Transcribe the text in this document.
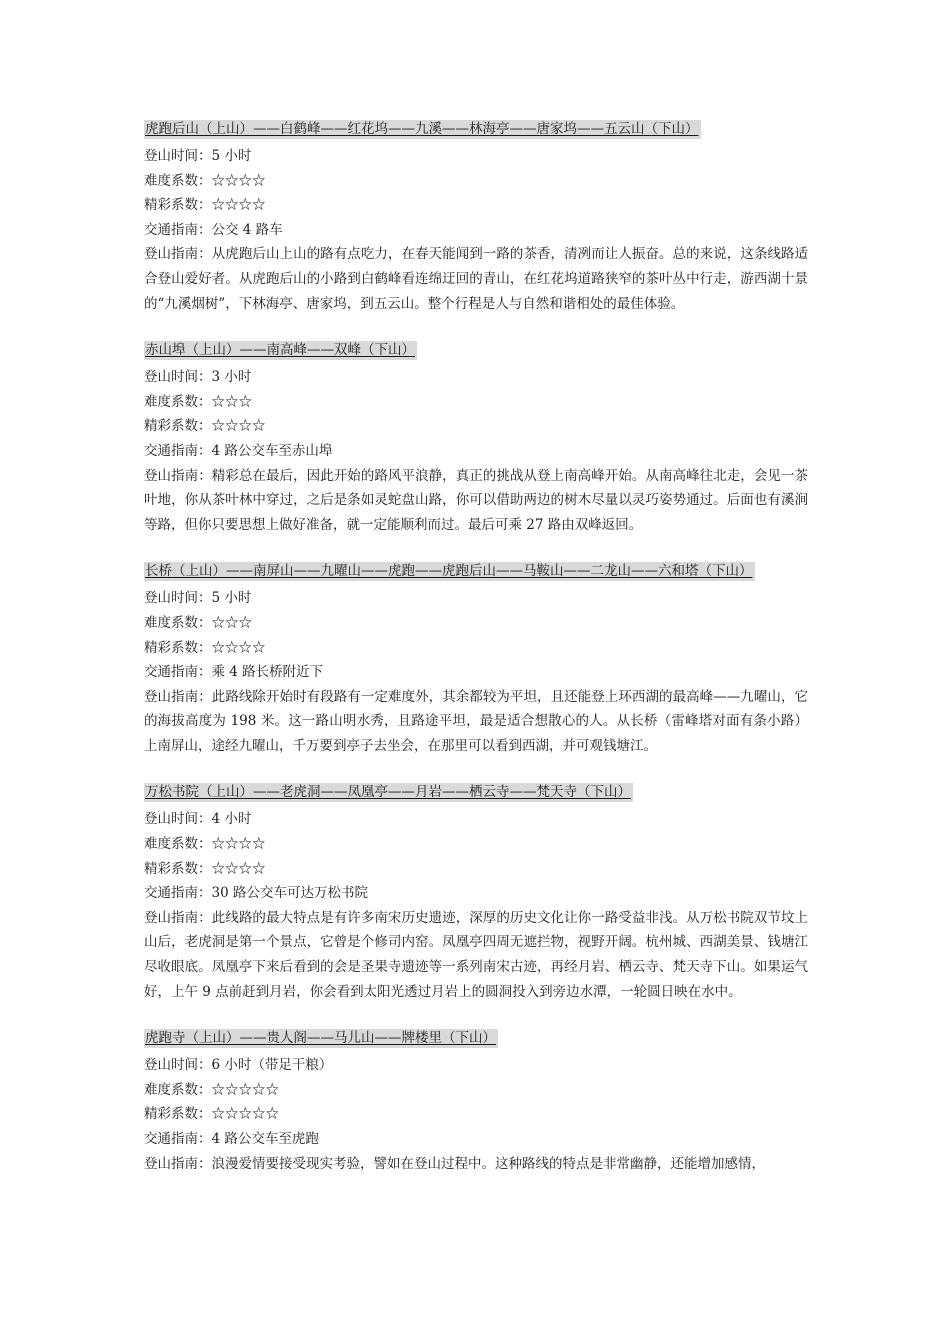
虎跑后山（上山）——白鹤峰——红花坞——九溪——林海亭——唐家坞——五云山（下山）
登山时间：5 小时
难度系数：☆☆☆☆
精彩系数：☆☆☆☆
交通指南：公交 4 路车

登山指南：从虎跑后山上山的路有点吃力，在春天能闻到一路的茶香，清冽而让人振奋。总的来说，这条线路适合登山爱好者。从虎跑后山的小路到白鹤峰看连绵迂回的青山，在红花坞道路狭窄的茶叶丛中行走，游西湖十景的“九溪烟树”，下林海亭、唐家坞，到五云山。整个行程是人与自然和谐相处的最佳体验。

赤山埠（上山）——南高峰——双峰（下山）
登山时间：3 小时
难度系数：☆☆☆
精彩系数：☆☆☆☆
交通指南：4 路公交车至赤山埠

登山指南：精彩总在最后，因此开始的路风平浪静，真正的挑战从登上南高峰开始。从南高峰往北走，会见一茶叶地，你从茶叶林中穿过，之后是条如灵蛇盘山路，你可以借助两边的树木尽量以灵巧姿势通过。后面也有溪涧等路，但你只要思想上做好准备，就一定能顺利而过。最后可乘 27 路由双峰返回。

长桥（上山）——南屏山——九曜山——虎跑——虎跑后山——马鞍山——二龙山——六和塔（下山）
登山时间：5 小时
难度系数：☆☆☆
精彩系数：☆☆☆☆
交通指南：乘 4 路长桥附近下

登山指南：此路线除开始时有段路有一定难度外，其余都较为平坦，且还能登上环西湖的最高峰——九曜山，它的海拔高度为 198 米。这一路山明水秀，且路途平坦，最是适合想散心的人。从长桥（雷峰塔对面有条小路）上南屏山，途经九曜山，千万要到亭子去坐会，在那里可以看到西湖，并可观钱塘江。

万松书院（上山）——老虎洞——凤凰亭——月岩——栖云寺——梵天寺（下山）
登山时间：4 小时
难度系数：☆☆☆☆
精彩系数：☆☆☆☆
交通指南：30 路公交车可达万松书院

登山指南：此线路的最大特点是有许多南宋历史遗迹，深厚的历史文化让你一路受益非浅。从万松书院双节坟上山后，老虎洞是第一个景点，它曾是个修司内窑。凤凰亭四周无遮拦物，视野开阔。杭州城、西湖美景、钱塘江尽收眼底。凤凰亭下来后看到的会是圣果寺遗迹等一系列南宋古迹，再经月岩、栖云寺、梵天寺下山。如果运气好，上午 9 点前赶到月岩，你会看到太阳光透过月岩上的圆洞投入到旁边水潭，一轮圆日映在水中。

虎跑寺（上山）——贵人阁——马儿山——牌楼里（下山）
登山时间：6 小时（带足干粮）
难度系数：☆☆☆☆☆
精彩系数：☆☆☆☆☆
交通指南：4 路公交车至虎跑

登山指南：浪漫爱情要接受现实考验，譬如在登山过程中。这种路线的特点是非常幽静，还能增加感情，
